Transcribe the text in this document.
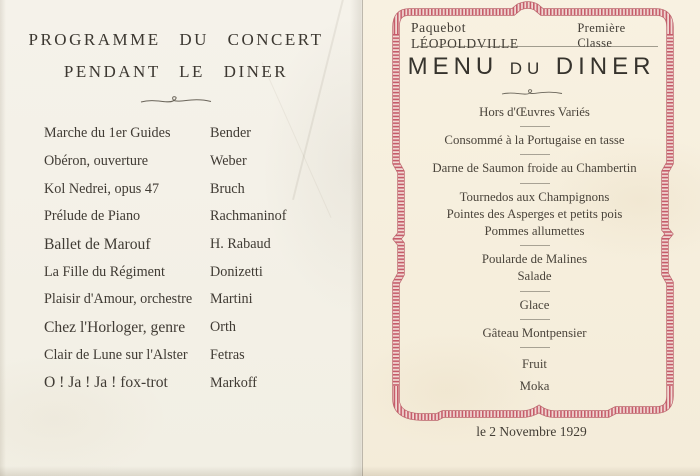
PROGRAMME DU CONCERT
PENDANT LE DINER
Marche du 1er Guides	Bender
Obéron, ouverture	Weber
Kol Nedrei, opus 47	Bruch
Prélude de Piano	Rachmaninof
Ballet de Marouf	H. Rabaud
La Fille du Régiment	Donizetti
Plaisir d'Amour, orchestre	Martini
Chez l'Horloger, genre	Orth
Clair de Lune sur l'Alster	Fetras
O ! Ja ! Ja ! fox-trot	Markoff
Paquebot LÉOPOLDVILLE
Première Classe
MENU DU DINER

Hors d'Œuvres Variés

Consommé à la Portugaise en tasse

Darne de Saumon froide au Chambertin

Tournedos aux Champignons

Pointes des Asperges et petits pois

Pommes allumettes

Poularde de Malines

Salade

Glace

Gâteau Montpensier

Fruit

Moka

le 2 Novembre 1929
